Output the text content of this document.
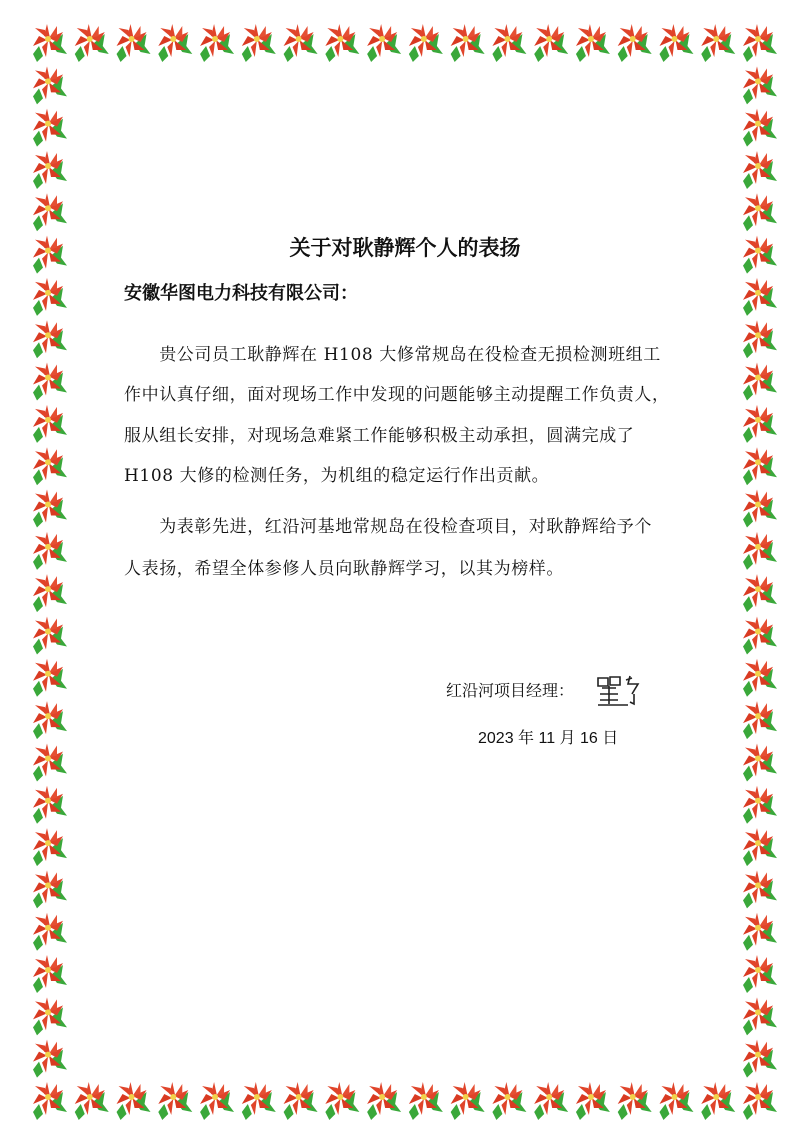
关于对耿静辉个人的表扬
安徽华图电力科技有限公司：
　　贵公司员工耿静辉在 H108 大修常规岛在役检查无损检测班组工
作中认真仔细，面对现场工作中发现的问题能够主动提醒工作负责人，
服从组长安排，对现场急难紧工作能够积极主动承担，圆满完成了
H108 大修的检测任务，为机组的稳定运行作出贡献。
　　为表彰先进，红沿河基地常规岛在役检查项目，对耿静辉给予个
人表扬，希望全体参修人员向耿静辉学习，以其为榜样。
红沿河项目经理：
2023 年 11 月 16 日
